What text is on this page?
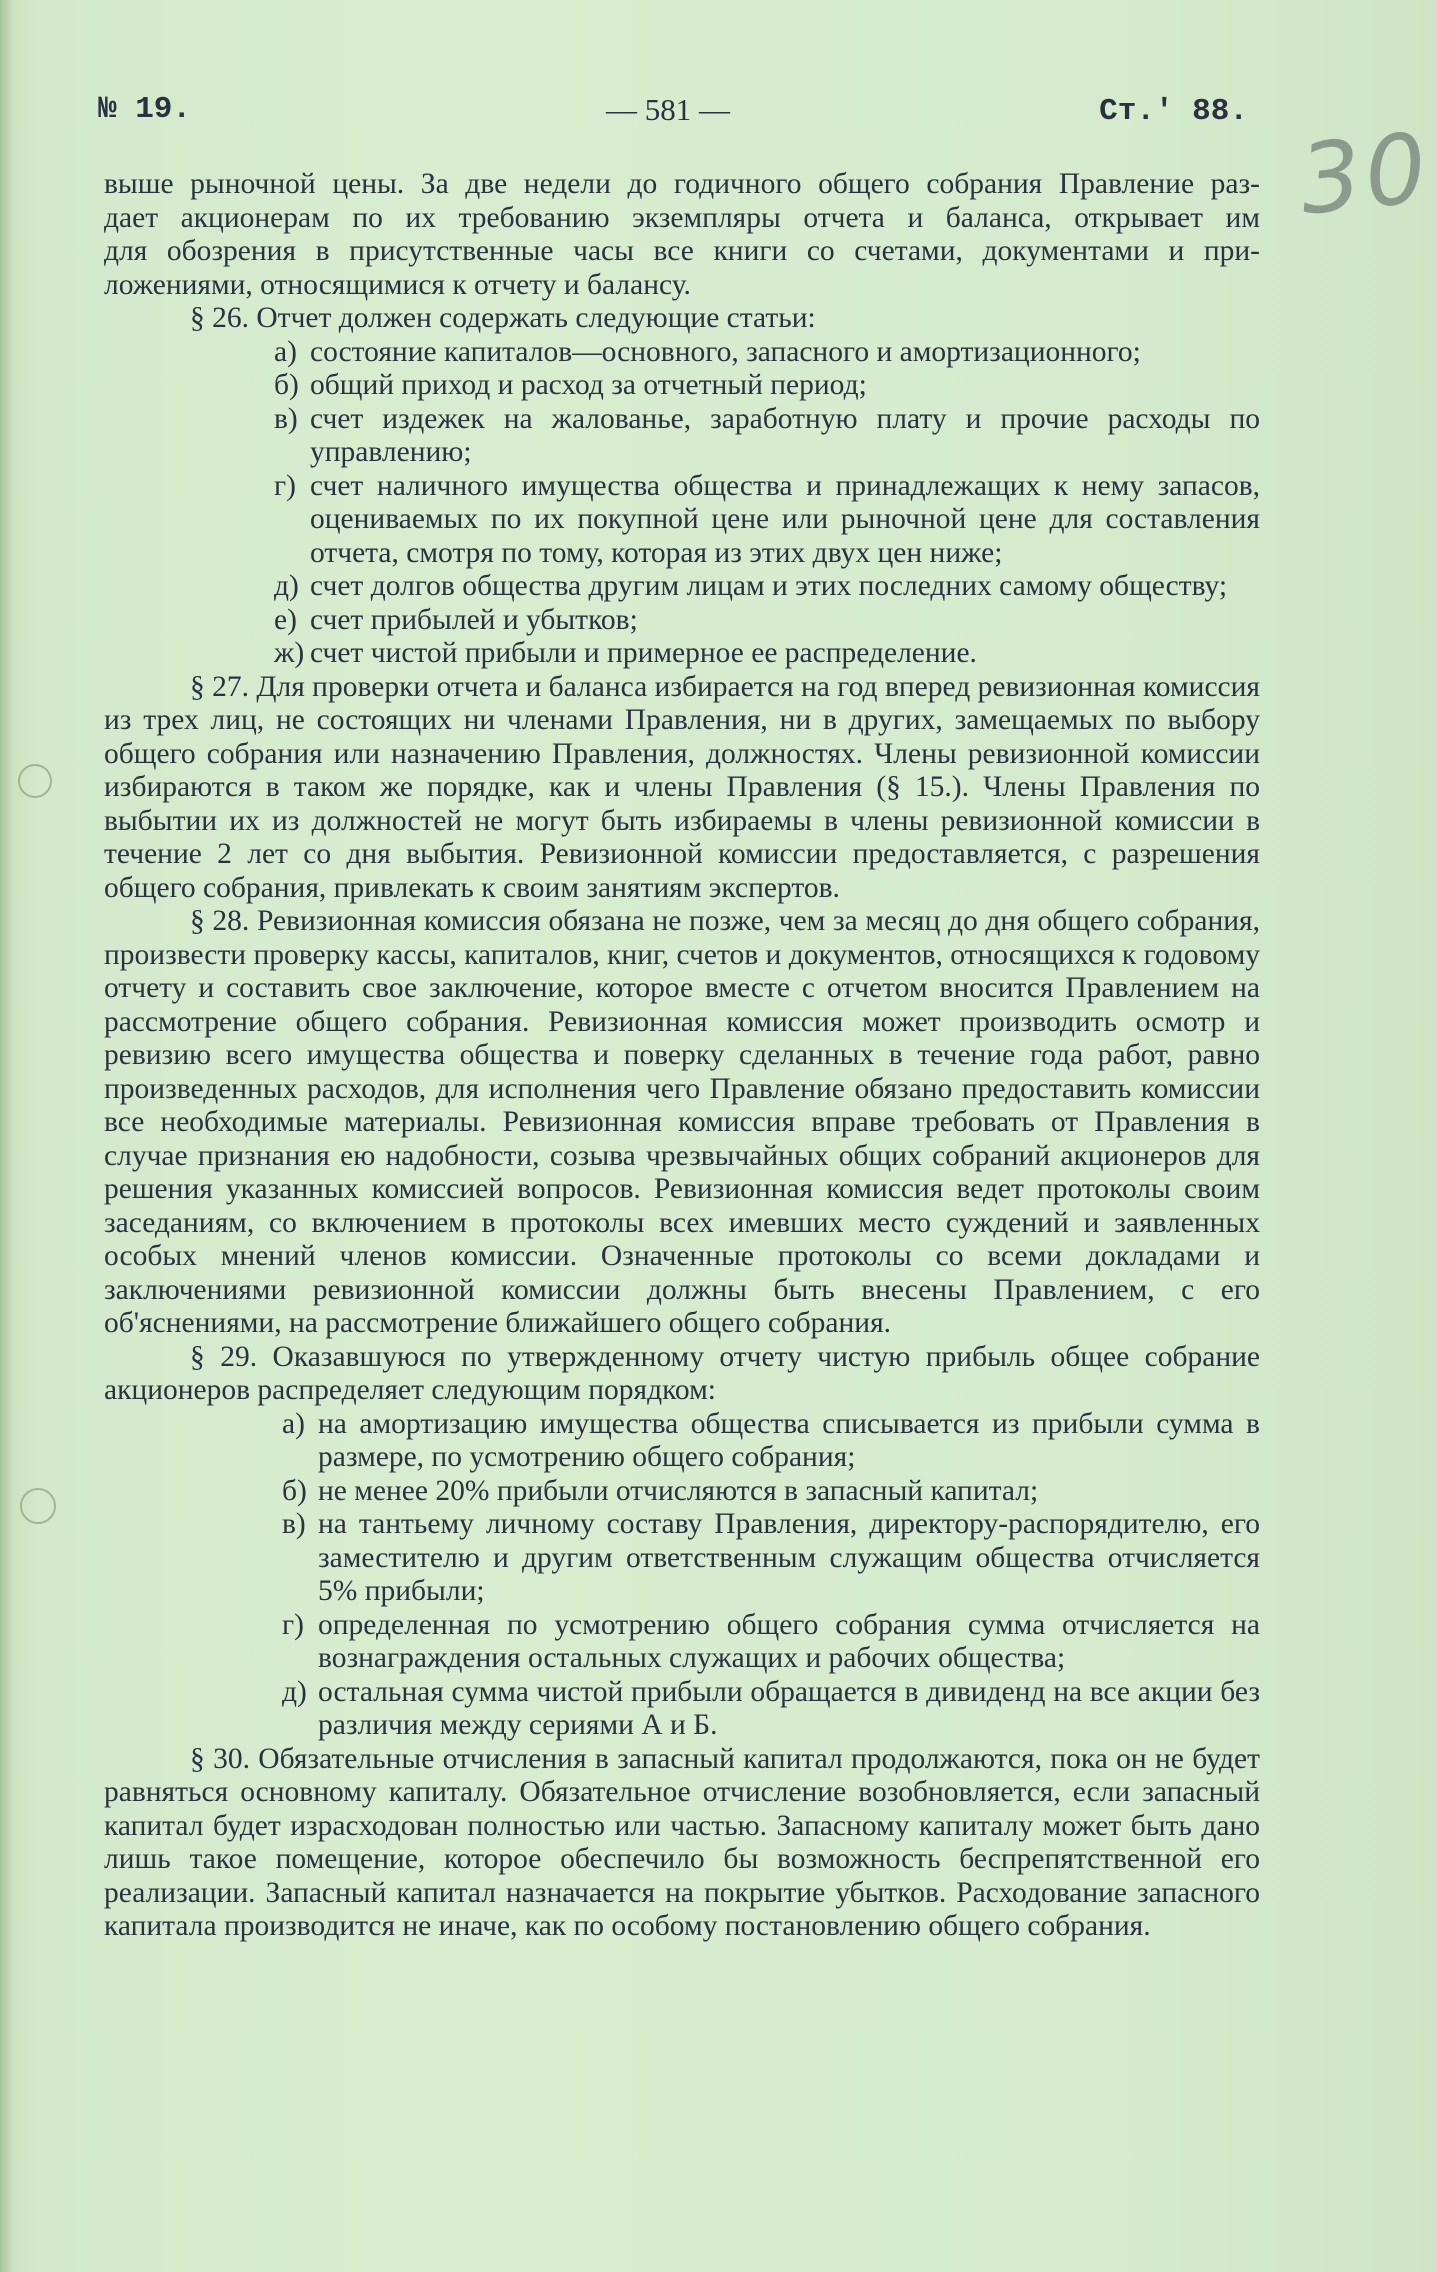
№ 19.	— 581 —	Ст.′ 88.
30

выше рыночной цены. За две недели до годичного общего собрания Правление раз-

дает акционерам по их требованию экземпляры отчета и баланса, открывает им

для обозрения в присутственные часы все книги со счетами, документами и при-

ложениями, относящимися к отчету и балансу.

§ 26. Отчет должен содержать следующие статьи:

а) состояние капиталов—основного, запасного и амортизационного;
б) общий приход и расход за отчетный период;
в) счет издежек на жалованье, заработную плату и прочие расходы по управлению;
г) счет наличного имущества общества и принадлежащих к нему запасов, оцениваемых по их покупной цене или рыночной цене для составления отчета, смотря по тому, которая из этих двух цен ниже;
д) счет долгов общества другим лицам и этих последних самому обществу;
е) счет прибылей и убытков;
ж) счет чистой прибыли и примерное ее распределение.

§ 27. Для проверки отчета и баланса избирается на год вперед ревизионная комиссия из трех лиц, не состоящих ни членами Правления, ни в других, замещаемых по выбору общего собрания или назначению Правления, должностях. Члены ревизионной комиссии избираются в таком же порядке, как и члены Правления (§ 15.). Члены Правления по выбытии их из должностей не могут быть избираемы в члены ревизионной комиссии в течение 2 лет со дня выбытия. Ревизионной комиссии предоставляется, с разрешения общего собрания, привлекать к своим занятиям экспертов.

§ 28. Ревизионная комиссия обязана не позже, чем за месяц до дня общего собрания, произвести проверку кассы, капиталов, книг, счетов и документов, относящихся к годовому отчету и составить свое заключение, которое вместе с отчетом вносится Правлением на рассмотрение общего собрания. Ревизионная комиссия может производить осмотр и ревизию всего имущества общества и поверку сделанных в течение года работ, равно произведенных расходов, для исполнения чего Правление обязано предоставить комиссии все необходимые материалы. Ревизионная комиссия вправе требовать от Правления в случае признания ею надобности, созыва чрезвычайных общих собраний акционеров для решения указанных комиссией вопросов. Ревизионная комиссия ведет протоколы своим заседаниям, со включением в протоколы всех имевших место суждений и заявленных особых мнений членов комиссии. Означенные протоколы со всеми докладами и заключениями ревизионной комиссии должны быть внесены Правлением, с его об'яснениями, на рассмотрение ближайшего общего собрания.

§ 29. Оказавшуюся по утвержденному отчету чистую прибыль общее собрание акционеров распределяет следующим порядком:

а) на амортизацию имущества общества списывается из прибыли сумма в размере, по усмотрению общего собрания;
б) не менее 20% прибыли отчисляются в запасный капитал;
в) на тантьему личному составу Правления, директору-распорядителю, его заместителю и другим ответственным служащим общества отчисляется 5% прибыли;
г) определенная по усмотрению общего собрания сумма отчисляется на вознаграждения остальных служащих и рабочих общества;
д) остальная сумма чистой прибыли обращается в дивиденд на все акции без различия между сериями А и Б.

§ 30. Обязательные отчисления в запасный капитал продолжаются, пока он не будет равняться основному капиталу. Обязательное отчисление возобновляется, если запасный капитал будет израсходован полностью или частью. Запасному капиталу может быть дано лишь такое помещение, которое обеспечило бы возможность беспрепятственной его реализации. Запасный капитал назначается на покрытие убытков. Расходование запасного капитала производится не иначе, как по особому постановлению общего собрания.
